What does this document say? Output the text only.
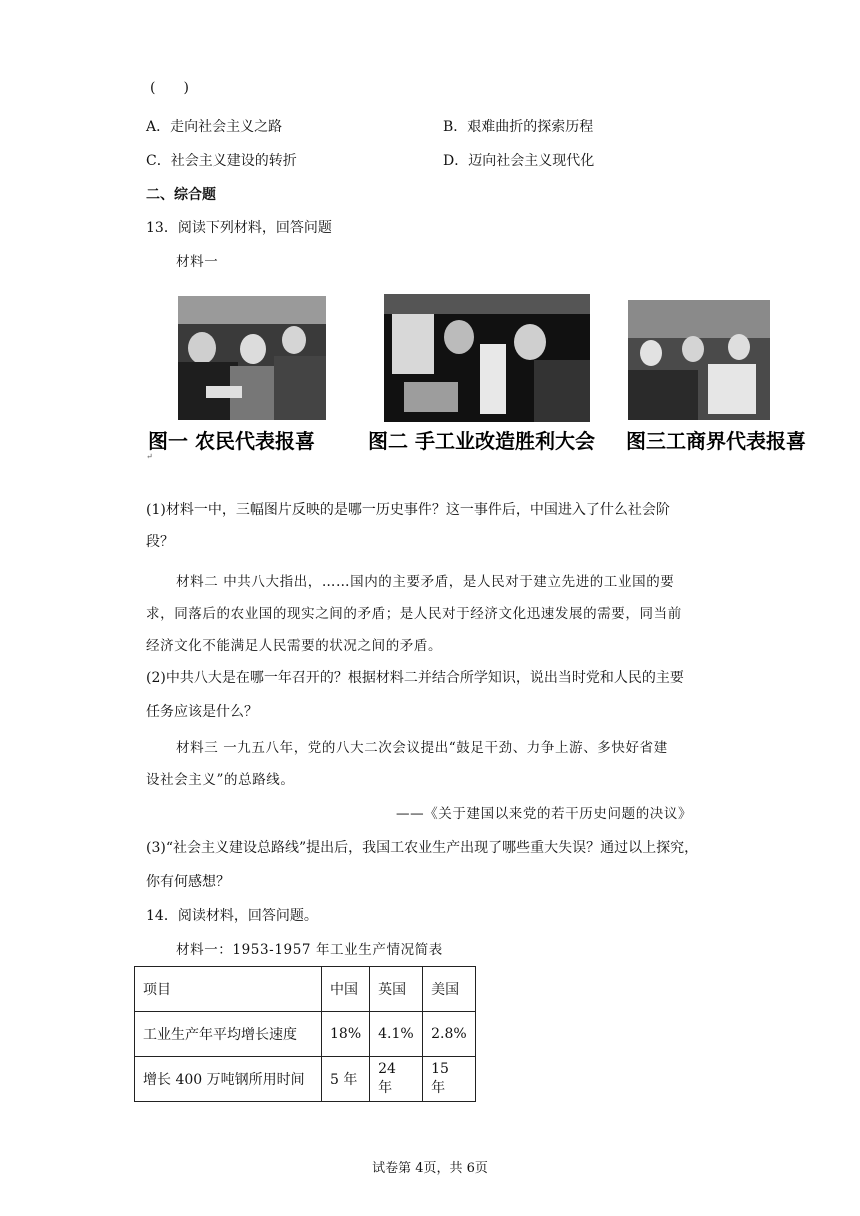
(　　)
A．走向社会主义之路	B．艰难曲折的探索历程
C．社会主义建设的转折	D．迈向社会主义现代化
二、综合题
13．阅读下列材料，回答问题
材料一
图一 农民代表报喜	图二 手工业改造胜利大会 图三工商界代表报喜
↵
(1)材料一中，三幅图片反映的是哪一历史事件？这一事件后，中国进入了什么社会阶
段？
材料二 中共八大指出，……国内的主要矛盾，是人民对于建立先进的工业国的要
求，同落后的农业国的现实之间的矛盾；是人民对于经济文化迅速发展的需要，同当前
经济文化不能满足人民需要的状况之间的矛盾。
(2)中共八大是在哪一年召开的？根据材料二并结合所学知识，说出当时党和人民的主要
任务应该是什么？
材料三 一九五八年，党的八大二次会议提出“鼓足干劲、力争上游、多快好省建
设社会主义”的总路线。
——《关于建国以来党的若干历史问题的决议》
(3)“社会主义建设总路线”提出后，我国工农业生产出现了哪些重大失误？通过以上探究，
你有何感想？
14．阅读材料，回答问题。
材料一：1953-1957 年工业生产情况简表
项目	中国	英国	美国
工业生产年平均增长速度	18%	4.1%	2.8%
增长 400 万吨钢所用时间	5 年	24 年	15 年
试卷第 4页，共 6页
